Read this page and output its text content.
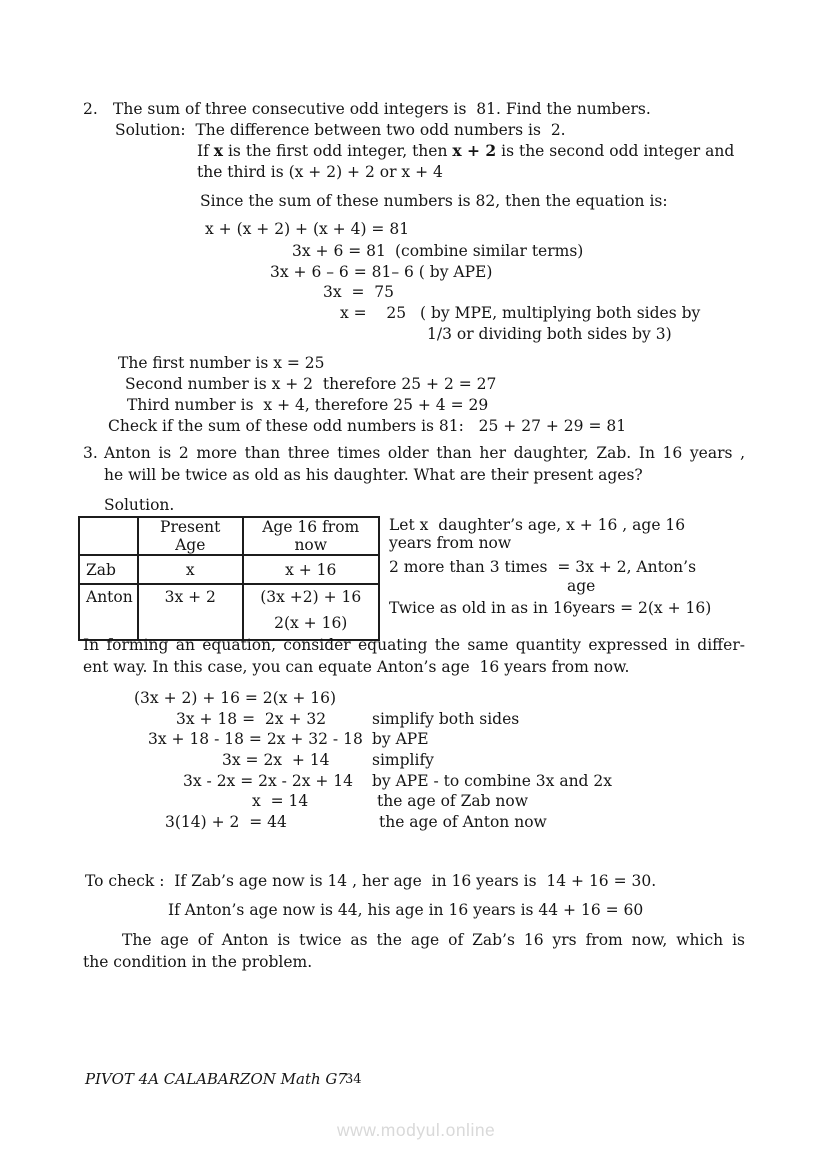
2. The sum of three consecutive odd integers is  81. Find the numbers.
Solution:  The difference between two odd numbers is  2.
If x is the first odd integer, then x + 2 is the second odd integer and
the third is (x + 2) + 2 or x + 4
Since the sum of these numbers is 82, then the equation is:
x + (x + 2) + (x + 4) = 81
3x + 6 = 81 (combine similar terms)
3x + 6 – 6 = 81– 6 ( by APE)
3x  =  75
x =    25 ( by MPE, multiplying both sides by
1/3 or dividing both sides by 3)
The first number is x = 25
Second number is x + 2  therefore 25 + 2 = 27
Third number is  x + 4, therefore 25 + 4 = 29
Check if the sum of these odd numbers is 81:   25 + 27 + 29 = 81
3. Anton is 2 more than three times older than her daughter, Zab. In 16 years ,
he will be twice as old as his daughter. What are their present ages?
Solution.
	Present Age	Age 16 from now
Zab	x	x + 16
Anton	3x + 2	(3x +2) + 16
2(x + 16)
Let x  daughter’s age, x + 16 , age 16
years from now
2 more than 3 times  = 3x + 2, Anton’s
age
Twice as old in as in 16years = 2(x + 16)
In forming an equation, consider equating the same quantity expressed in differ-
ent way. In this case, you can equate Anton’s age  16 years from now.
(3x + 2) + 16 = 2(x + 16)
3x + 18 =  2x + 32	simplify both sides
3x + 18 - 18 = 2x + 32 - 18 by APE
3x = 2x  + 14	simplify
3x - 2x = 2x - 2x + 14 by APE - to combine 3x and 2x
x  = 14	the age of Zab now
3(14) + 2  = 44	the age of Anton now
To check :  If Zab’s age now is 14 , her age  in 16 years is  14 + 16 = 30.
If Anton’s age now is 44, his age in 16 years is 44 + 16 = 60
The age of Anton is twice as the age of Zab’s 16 yrs from now, which is
the condition in the problem.
PIVOT 4A CALABARZON Math G7
34
www.modyul.online
